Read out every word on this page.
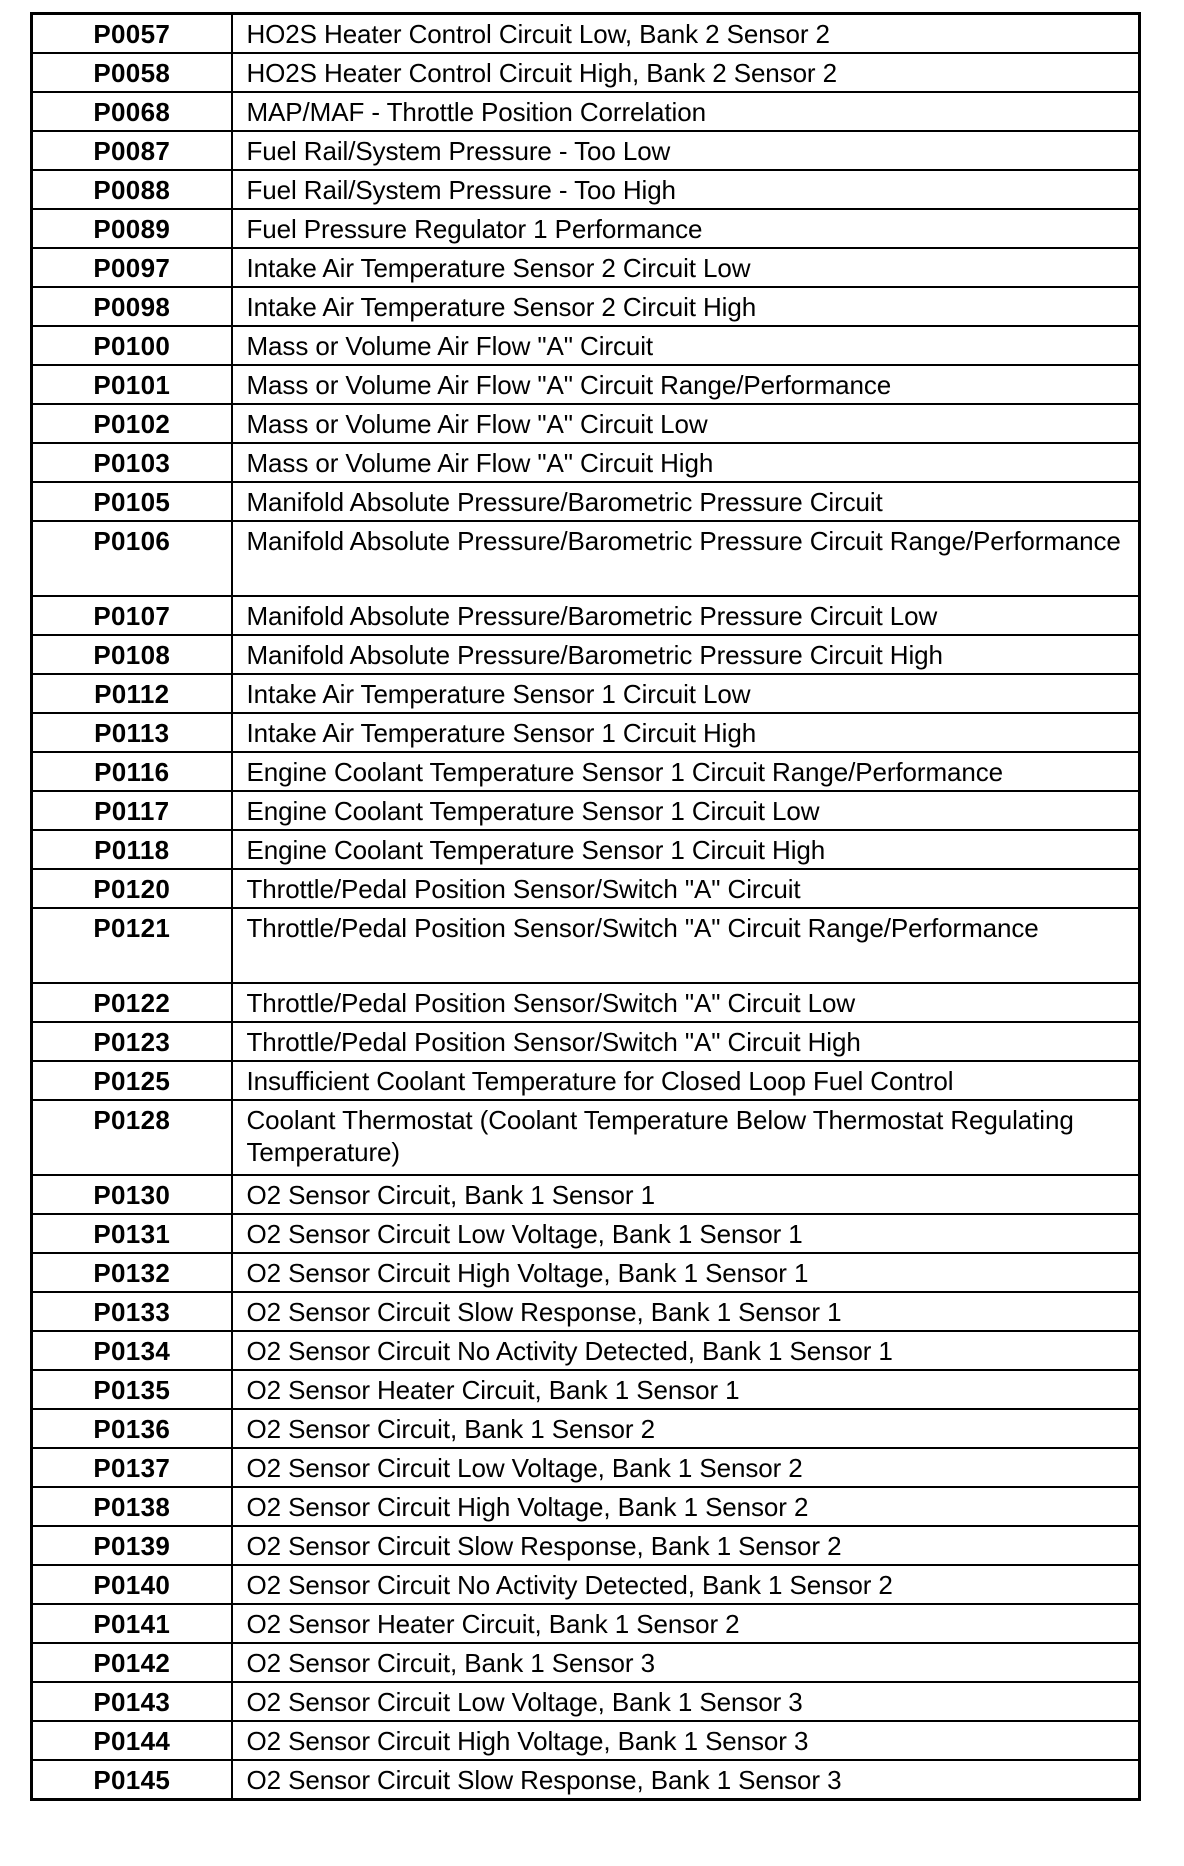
P0057	HO2S Heater Control Circuit Low, Bank 2 Sensor 2
P0058	HO2S Heater Control Circuit High, Bank 2 Sensor 2
P0068	MAP/MAF - Throttle Position Correlation
P0087	Fuel Rail/System Pressure - Too Low
P0088	Fuel Rail/System Pressure - Too High
P0089	Fuel Pressure Regulator 1 Performance
P0097	Intake Air Temperature Sensor 2 Circuit Low
P0098	Intake Air Temperature Sensor 2 Circuit High
P0100	Mass or Volume Air Flow "A" Circuit
P0101	Mass or Volume Air Flow "A" Circuit Range/Performance
P0102	Mass or Volume Air Flow "A" Circuit Low
P0103	Mass or Volume Air Flow "A" Circuit High
P0105	Manifold Absolute Pressure/Barometric Pressure Circuit
P0106	Manifold Absolute Pressure/Barometric Pressure Circuit Range/Performance
P0107	Manifold Absolute Pressure/Barometric Pressure Circuit Low
P0108	Manifold Absolute Pressure/Barometric Pressure Circuit High
P0112	Intake Air Temperature Sensor 1 Circuit Low
P0113	Intake Air Temperature Sensor 1 Circuit High
P0116	Engine Coolant Temperature Sensor 1 Circuit Range/Performance
P0117	Engine Coolant Temperature Sensor 1 Circuit Low
P0118	Engine Coolant Temperature Sensor 1 Circuit High
P0120	Throttle/Pedal Position Sensor/Switch "A" Circuit
P0121	Throttle/Pedal Position Sensor/Switch "A" Circuit Range/Performance
P0122	Throttle/Pedal Position Sensor/Switch "A" Circuit Low
P0123	Throttle/Pedal Position Sensor/Switch "A" Circuit High
P0125	Insufficient Coolant Temperature for Closed Loop Fuel Control
P0128	Coolant Thermostat (Coolant Temperature Below Thermostat Regulating Temperature)
P0130	O2 Sensor Circuit, Bank 1 Sensor 1
P0131	O2 Sensor Circuit Low Voltage, Bank 1 Sensor 1
P0132	O2 Sensor Circuit High Voltage, Bank 1 Sensor 1
P0133	O2 Sensor Circuit Slow Response, Bank 1 Sensor 1
P0134	O2 Sensor Circuit No Activity Detected, Bank 1 Sensor 1
P0135	O2 Sensor Heater Circuit, Bank 1 Sensor 1
P0136	O2 Sensor Circuit, Bank 1 Sensor 2
P0137	O2 Sensor Circuit Low Voltage, Bank 1 Sensor 2
P0138	O2 Sensor Circuit High Voltage, Bank 1 Sensor 2
P0139	O2 Sensor Circuit Slow Response, Bank 1 Sensor 2
P0140	O2 Sensor Circuit No Activity Detected, Bank 1 Sensor 2
P0141	O2 Sensor Heater Circuit, Bank 1 Sensor 2
P0142	O2 Sensor Circuit, Bank 1 Sensor 3
P0143	O2 Sensor Circuit Low Voltage, Bank 1 Sensor 3
P0144	O2 Sensor Circuit High Voltage, Bank 1 Sensor 3
P0145	O2 Sensor Circuit Slow Response, Bank 1 Sensor 3
